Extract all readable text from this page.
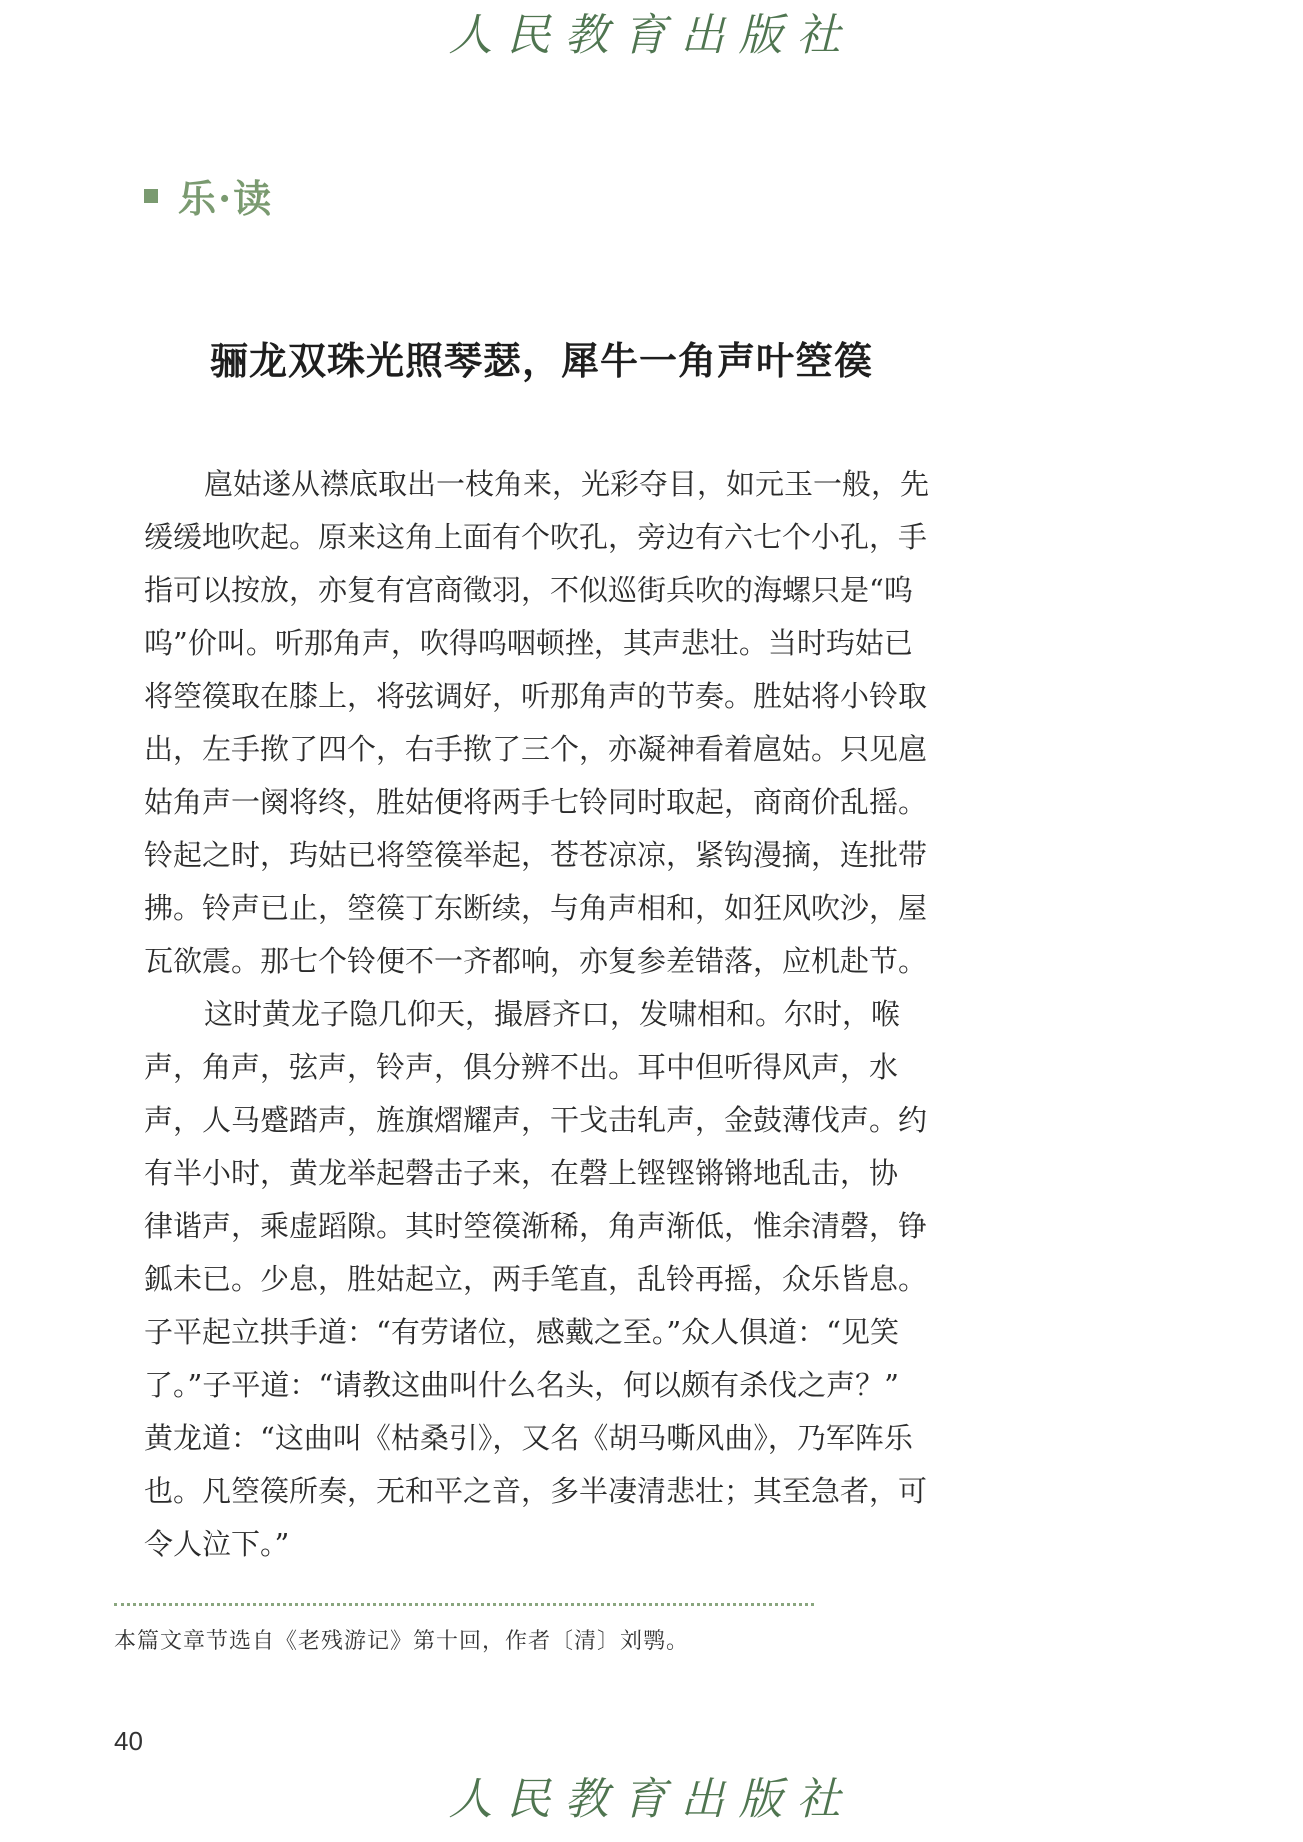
人民教育出版社
乐·读
骊龙双珠光照琴瑟，犀牛一角声叶箜篌
扈姑遂从襟底取出一枝角来，光彩夺目，如元玉一般，先
缓缓地吹起。原来这角上面有个吹孔，旁边有六七个小孔，手
指可以按放，亦复有宫商徵羽，不似巡街兵吹的海螺只是“呜
呜”价叫。听那角声，吹得呜咽顿挫，其声悲壮。当时玙姑已
将箜篌取在膝上，将弦调好，听那角声的节奏。胜姑将小铃取
出，左手揿了四个，右手揿了三个，亦凝神看着扈姑。只见扈
姑角声一阕将终，胜姑便将两手七铃同时取起，商商价乱摇。
铃起之时，玙姑已将箜篌举起，苍苍凉凉，紧钩漫摘，连批带
拂。铃声已止，箜篌丁东断续，与角声相和，如狂风吹沙，屋
瓦欲震。那七个铃便不一齐都响，亦复参差错落，应机赴节。
这时黄龙子隐几仰天，撮唇齐口，发啸相和。尔时，喉
声，角声，弦声，铃声，俱分辨不出。耳中但听得风声，水
声，人马蹙踏声，旌旗熠耀声，干戈击轧声，金鼓薄伐声。约
有半小时，黄龙举起磬击子来，在磬上铿铿锵锵地乱击，协
律谐声，乘虚蹈隙。其时箜篌渐稀，角声渐低，惟余清磬，铮
鈲未已。少息，胜姑起立，两手笔直，乱铃再摇，众乐皆息。
子平起立拱手道：“有劳诸位，感戴之至。”众人俱道：“见笑
了。”子平道：“请教这曲叫什么名头，何以颇有杀伐之声？”
黄龙道：“这曲叫《枯桑引》，又名《胡马嘶风曲》，乃军阵乐
也。凡箜篌所奏，无和平之音，多半凄清悲壮；其至急者，可
令人泣下。”
本篇文章节选自《老残游记》第十回，作者〔清〕刘鹗。
40
人民教育出版社
